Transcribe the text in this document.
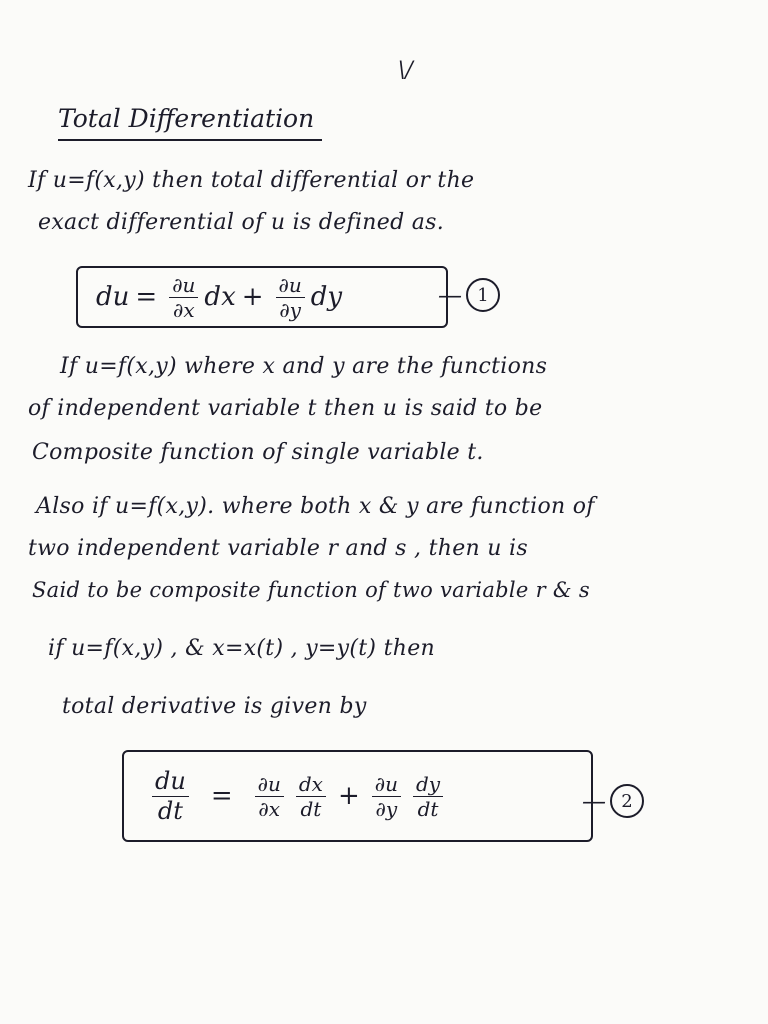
\/
Total Differentiation
If u=f(x,y) then total differential or the
exact differential of u is defined as.
du = $\frac{\partial u}{\partial x}$ dx + $\frac{\partial u}{\partial y}$ dy	— 1
If u=f(x,y) where x and y are the functions
of independent variable t then u is said to be
Composite function of single variable t.
Also if u=f(x,y). where both x & y are function of
two independent variable r and s , then u is
Said to be composite function of two variable r & s
if u=f(x,y) , & x=x(t) , y=y(t) then
total derivative is given by
$\frac{du}{dt} = \frac{\partial u}{\partial x} \frac{dx}{dt} + \frac{\partial u}{\partial y} \frac{dy}{dt}$	— 2
